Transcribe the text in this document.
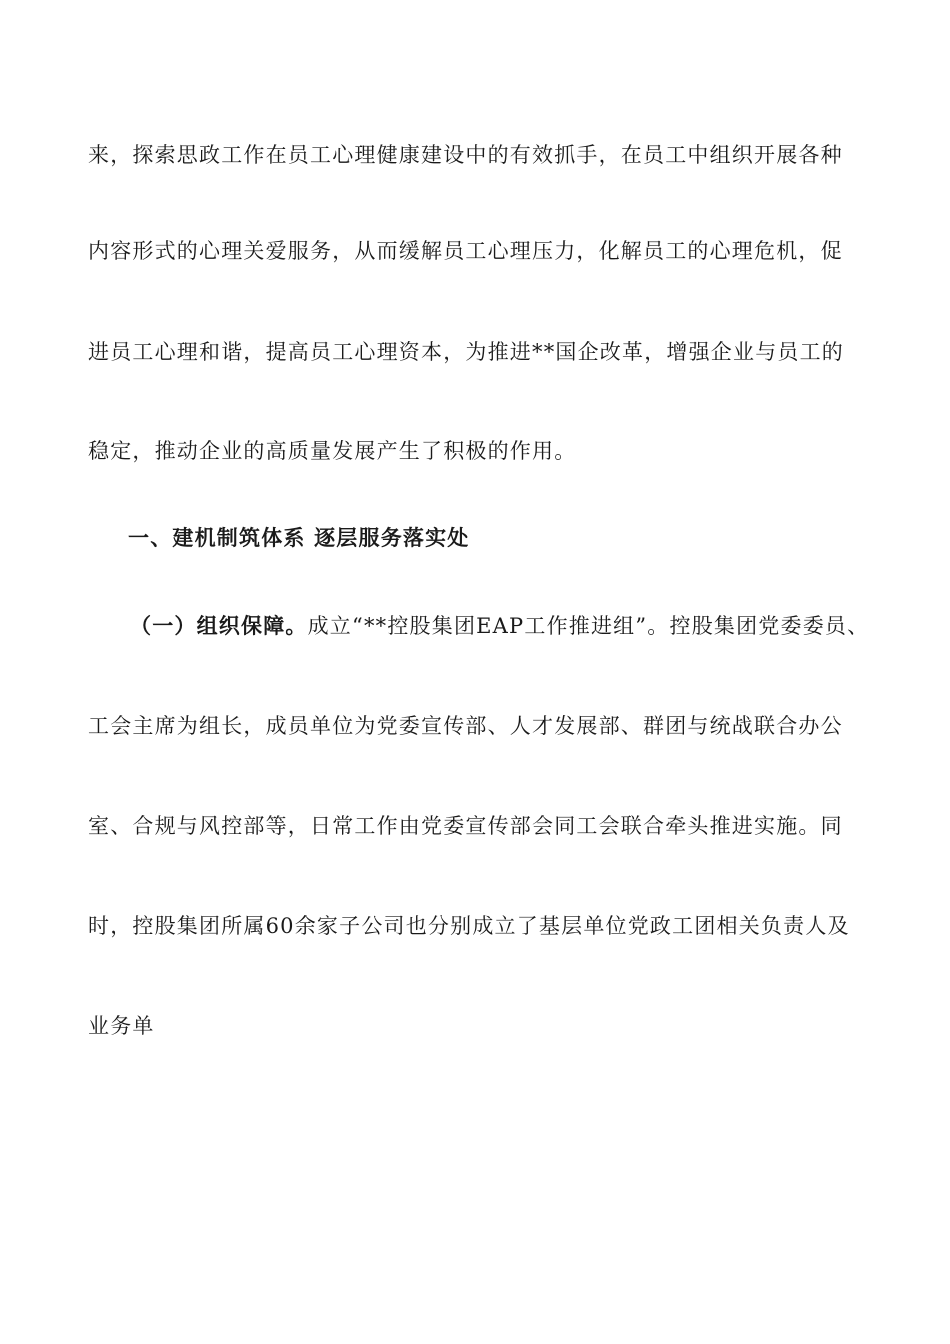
来，探索思政工作在员工心理健康建设中的有效抓手，在员工中组织开展各种
内容形式的心理关爱服务，从而缓解员工心理压力，化解员工的心理危机，促
进员工心理和谐，提高员工心理资本，为推进**国企改革，增强企业与员工的
稳定，推动企业的高质量发展产生了积极的作用。
一、建机制筑体系 逐层服务落实处
（一）组织保障。成立“**控股集团EAP工作推进组”。控股集团党委委员、
工会主席为组长，成员单位为党委宣传部、人才发展部、群团与统战联合办公
室、合规与风控部等，日常工作由党委宣传部会同工会联合牵头推进实施。同
时，控股集团所属60余家子公司也分别成立了基层单位党政工团相关负责人及
业务单
